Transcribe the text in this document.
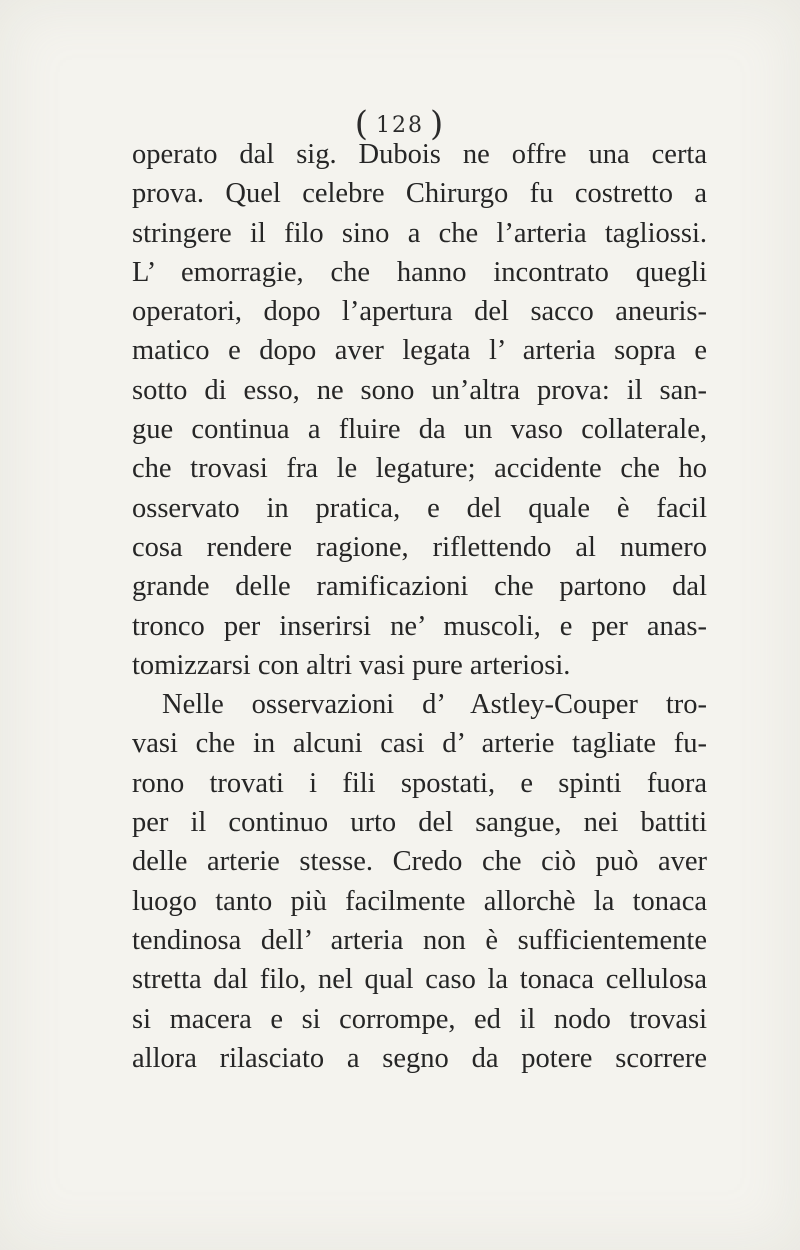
( 128 )
operato dal sig. Dubois ne offre una certa
prova. Quel celebre Chirurgo fu costretto a
stringere il filo sino a che l’arteria tagliossi.
L’ emorragie, che hanno incontrato quegli
operatori, dopo l’apertura del sacco aneuris-
matico e dopo aver legata l’ arteria sopra e
sotto di esso, ne sono un’altra prova: il san-
gue continua a fluire da un vaso collaterale,
che trovasi fra le legature; accidente che ho
osservato in pratica, e del quale è facil
cosa rendere ragione, riflettendo al numero
grande delle ramificazioni che partono dal
tronco per inserirsi ne’ muscoli, e per anas-
tomizzarsi con altri vasi pure arteriosi.
Nelle osservazioni d’ Astley-Couper tro-
vasi che in alcuni casi d’ arterie tagliate fu-
rono trovati i fili spostati, e spinti fuora
per il continuo urto del sangue, nei battiti
delle arterie stesse. Credo che ciò può aver
luogo tanto più facilmente allorchè la tonaca
tendinosa dell’ arteria non è sufficientemente
stretta dal filo, nel qual caso la tonaca cellulosa
si macera e si corrompe, ed il nodo trovasi
allora rilasciato a segno da potere scorrere
